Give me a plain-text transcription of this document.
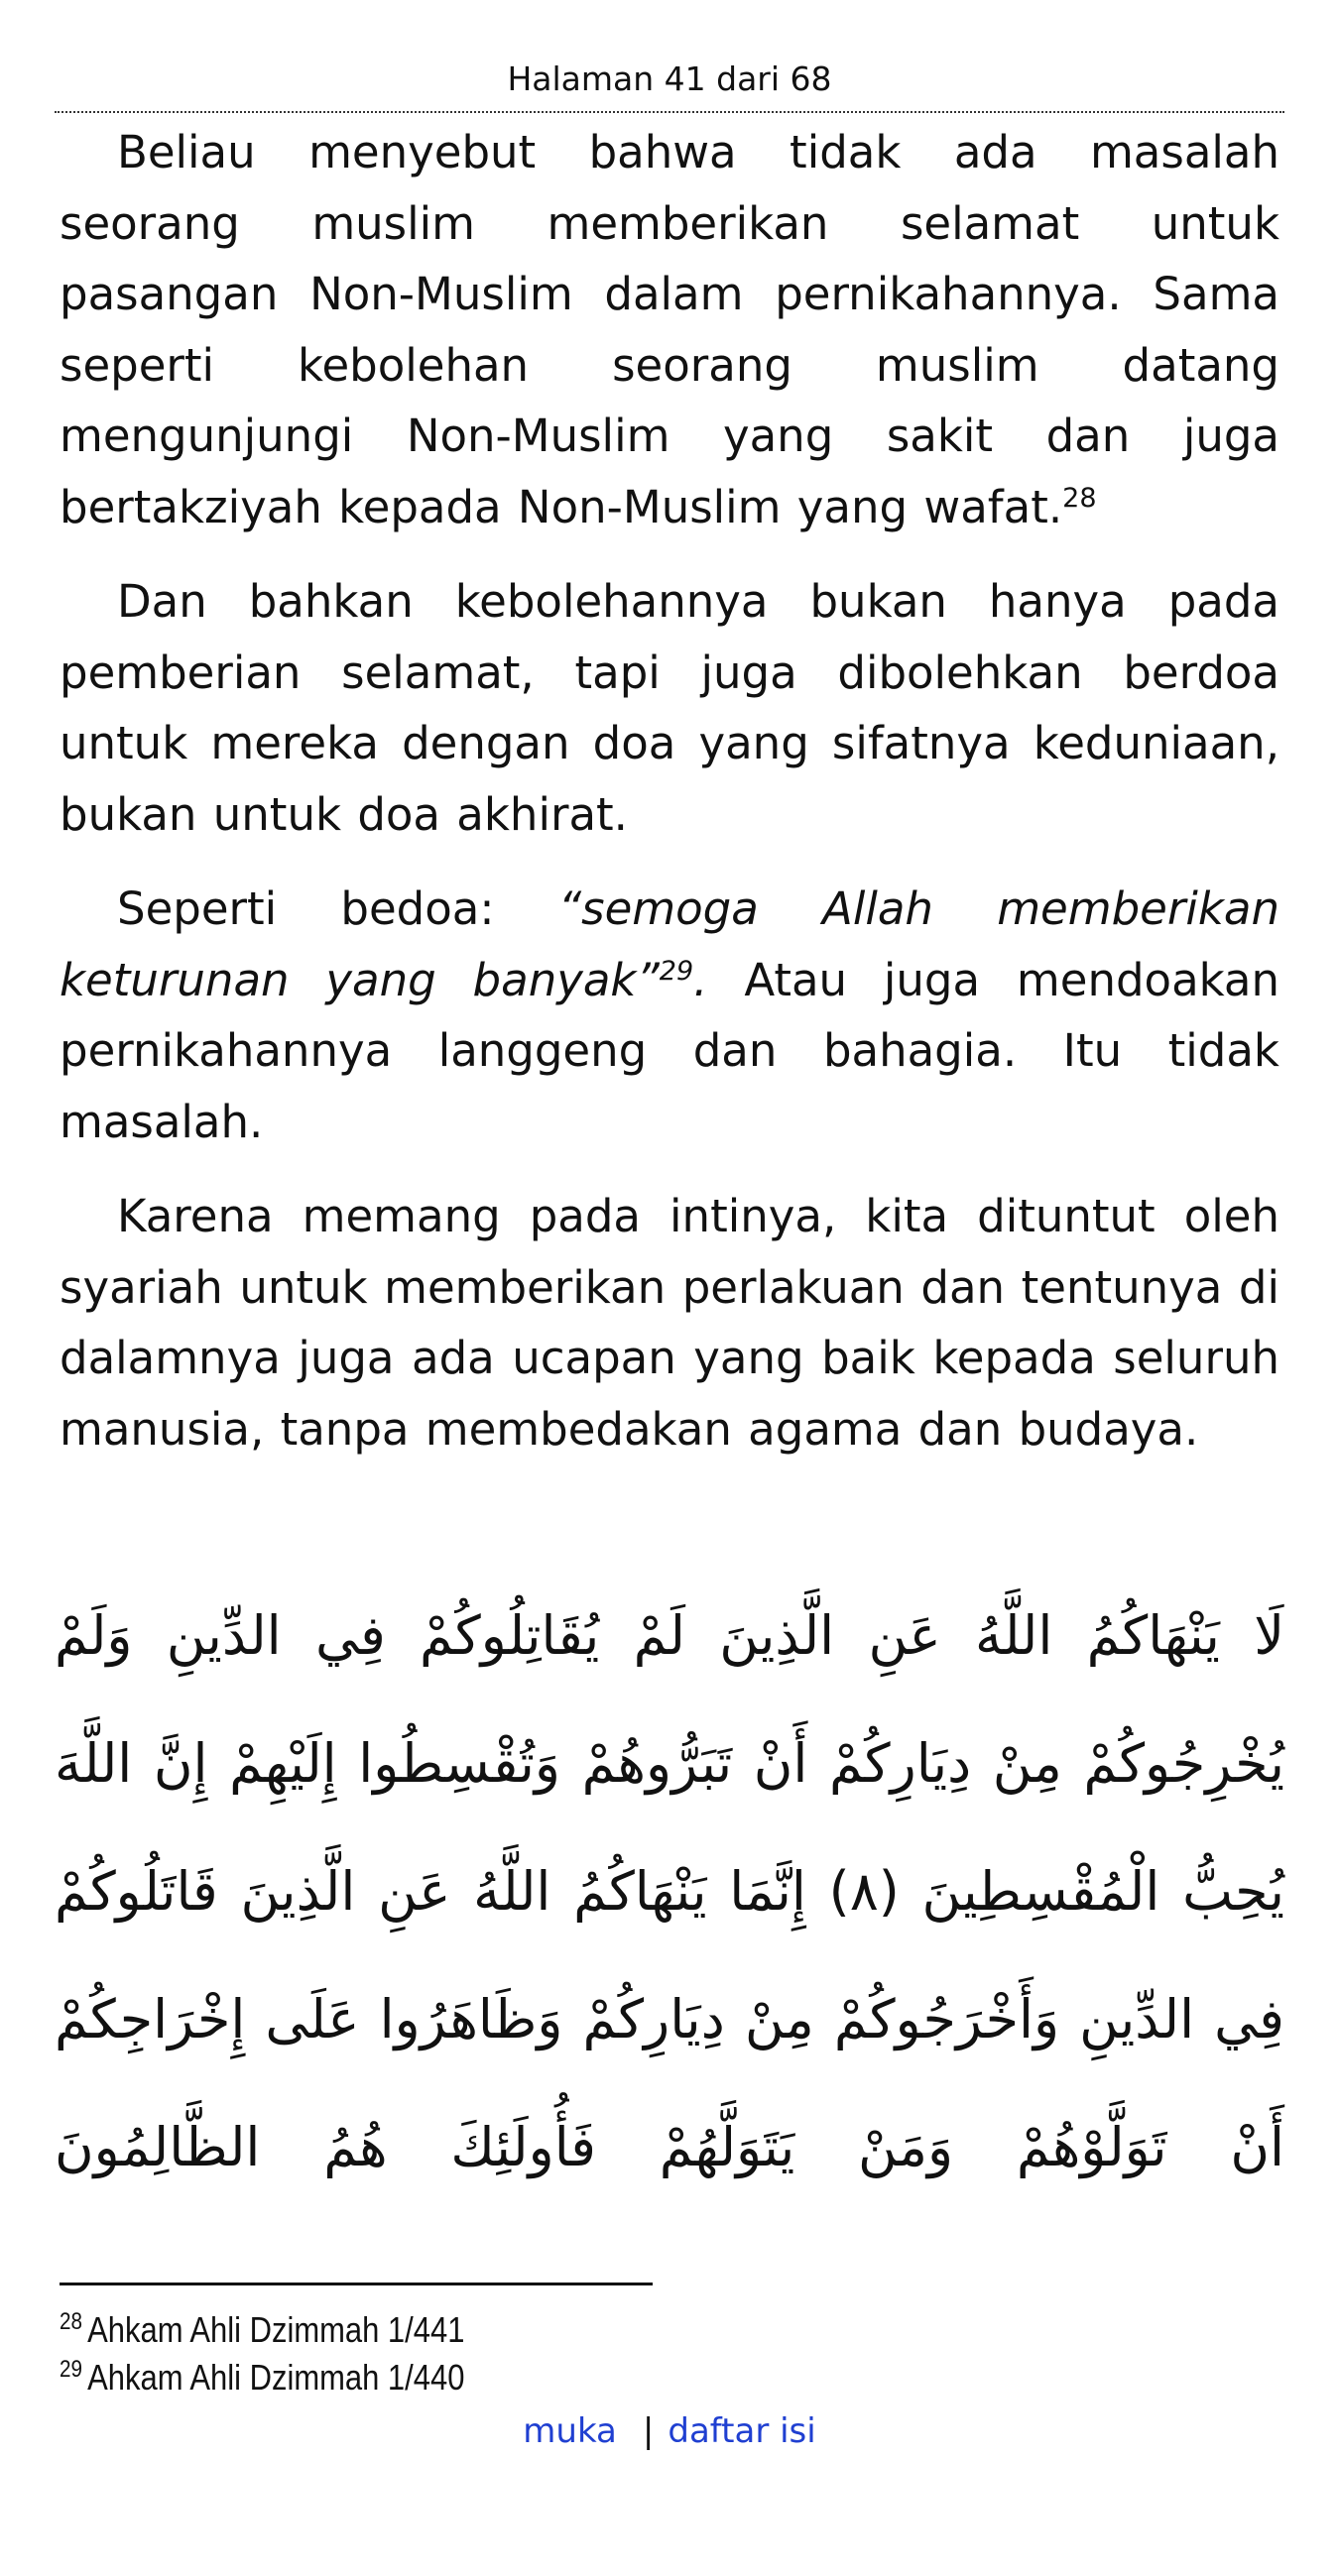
Halaman 41 dari 68

Beliau menyebut bahwa tidak ada masalah seorang muslim memberikan selamat untuk pasangan Non-Muslim dalam pernikahannya. Sama seperti kebolehan seorang muslim datang mengunjungi Non-Muslim yang sakit dan juga bertakziyah kepada Non-Muslim yang wafat.$^{28}$

Dan bahkan kebolehannya bukan hanya pada pemberian selamat, tapi juga dibolehkan berdoa untuk mereka dengan doa yang sifatnya keduniaan, bukan untuk doa akhirat.

Seperti bedoa: “semoga Allah memberikan keturunan yang banyak”$^{29}$. Atau juga mendoakan pernikahannya langgeng dan bahagia. Itu tidak masalah.

Karena memang pada intinya, kita dituntut oleh syariah untuk memberikan perlakuan dan tentunya di dalamnya juga ada ucapan yang baik kepada seluruh manusia, tanpa membedakan agama dan budaya.

لَا يَنْهَاكُمُ اللَّهُ عَنِ الَّذِينَ لَمْ يُقَاتِلُوكُمْ فِي الدِّينِ وَلَمْ يُخْرِجُوكُمْ مِنْ دِيَارِكُمْ أَنْ تَبَرُّوهُمْ وَتُقْسِطُوا إِلَيْهِمْ إِنَّ اللَّهَ يُحِبُّ الْمُقْسِطِينَ (٨) إِنَّمَا يَنْهَاكُمُ اللَّهُ عَنِ الَّذِينَ قَاتَلُوكُمْ فِي الدِّينِ وَأَخْرَجُوكُمْ مِنْ دِيَارِكُمْ وَظَاهَرُوا عَلَى إِخْرَاجِكُمْ أَنْ تَوَلَّوْهُمْ وَمَنْ يَتَوَلَّهُمْ فَأُولَئِكَ هُمُ الظَّالِمُونَ
$^{28}$ Ahkam Ahli Dzimmah 1/441
$^{29}$ Ahkam Ahli Dzimmah 1/440
muka | daftar isi
